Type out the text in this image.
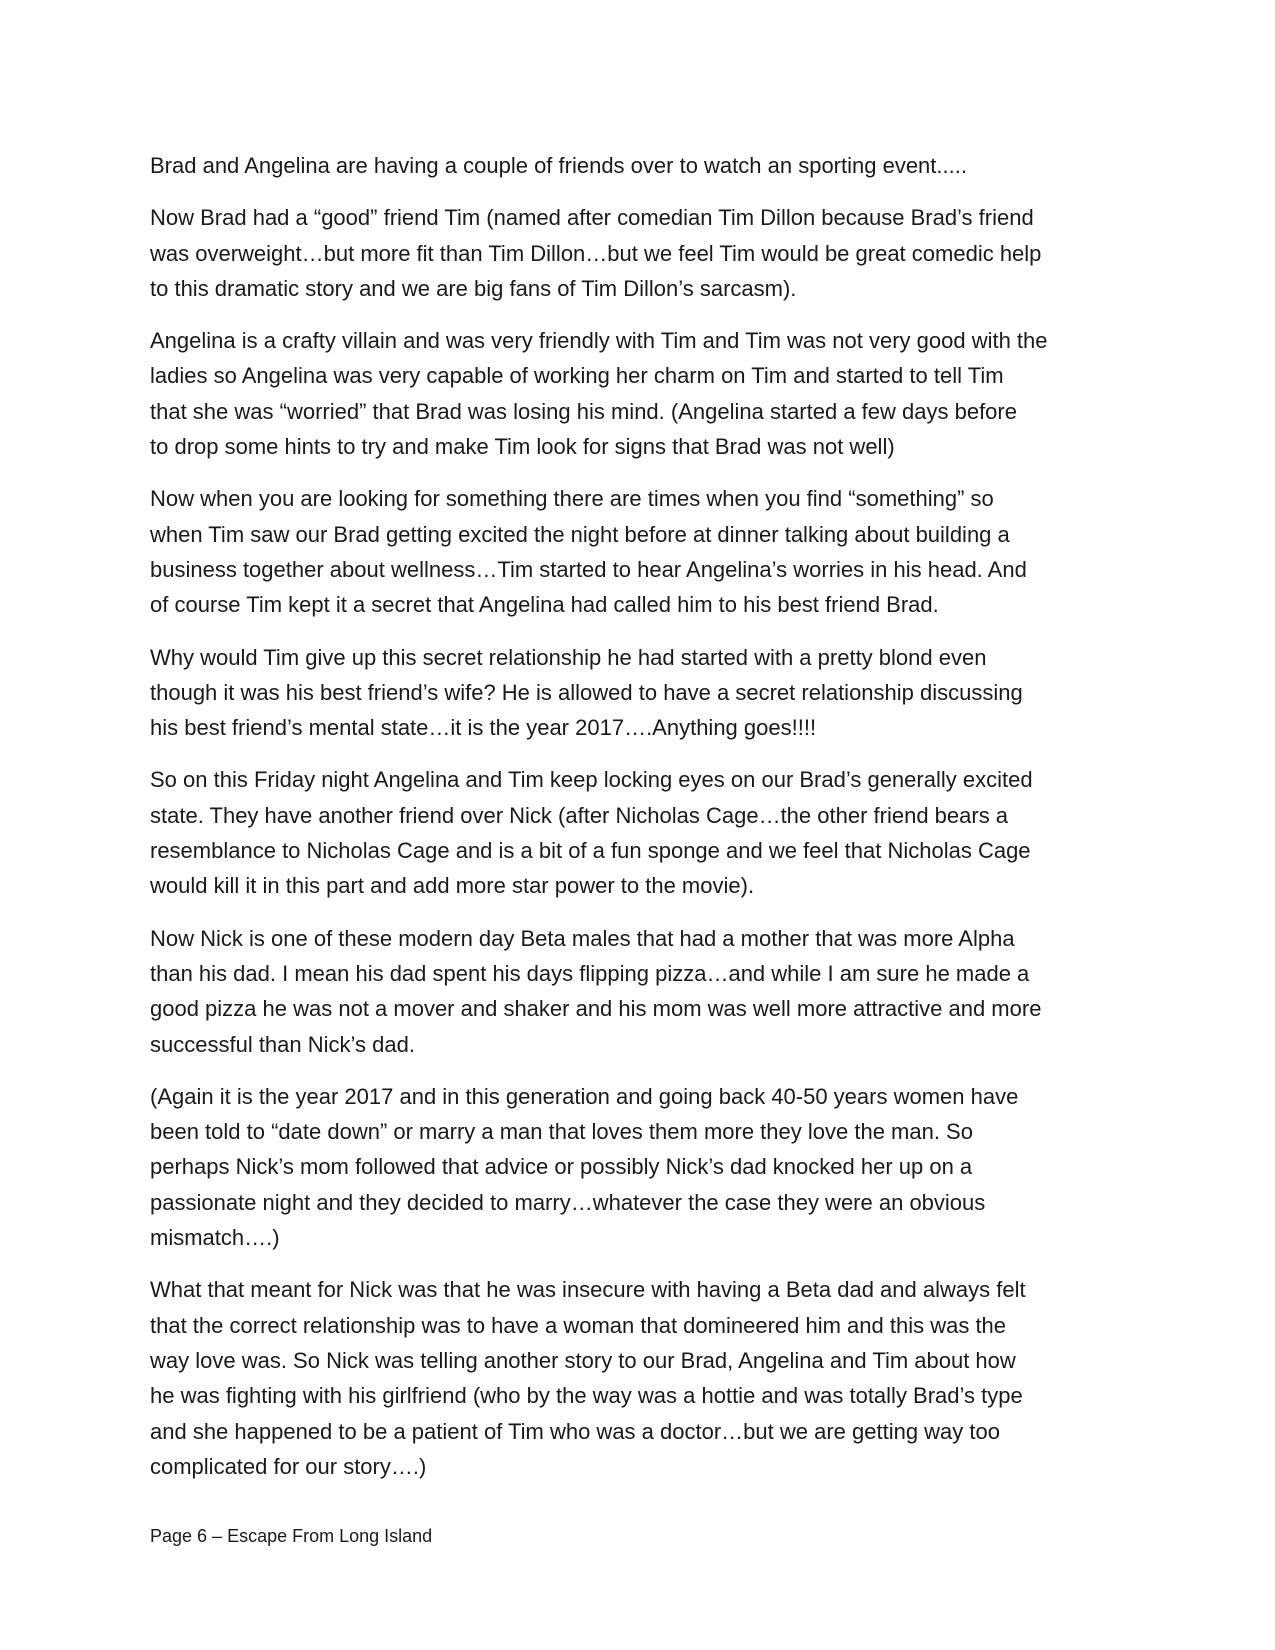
Brad and Angelina are having a couple of friends over to watch an sporting event.....

Now Brad had a “good” friend Tim (named after comedian Tim Dillon because Brad’s friend
was overweight…but more fit than Tim Dillon…but we feel Tim would be great comedic help
to this dramatic story and we are big fans of Tim Dillon’s sarcasm).

Angelina is a crafty villain and was very friendly with Tim and Tim was not very good with the
ladies so Angelina was very capable of working her charm on Tim and started to tell Tim
that she was “worried” that Brad was losing his mind. (Angelina started a few days before
to drop some hints to try and make Tim look for signs that Brad was not well)

Now when you are looking for something there are times when you find “something” so
when Tim saw our Brad getting excited the night before at dinner talking about building a
business together about wellness…Tim started to hear Angelina’s worries in his head. And
of course Tim kept it a secret that Angelina had called him to his best friend Brad.

Why would Tim give up this secret relationship he had started with a pretty blond even
though it was his best friend’s wife? He is allowed to have a secret relationship discussing
his best friend’s mental state…it is the year 2017….Anything goes!!!!

So on this Friday night Angelina and Tim keep locking eyes on our Brad’s generally excited
state. They have another friend over Nick (after Nicholas Cage…the other friend bears a
resemblance to Nicholas Cage and is a bit of a fun sponge and we feel that Nicholas Cage
would kill it in this part and add more star power to the movie).

Now Nick is one of these modern day Beta males that had a mother that was more Alpha
than his dad. I mean his dad spent his days flipping pizza…and while I am sure he made a
good pizza he was not a mover and shaker and his mom was well more attractive and more
successful than Nick’s dad.

(Again it is the year 2017 and in this generation and going back 40-50 years women have
been told to “date down” or marry a man that loves them more they love the man. So
perhaps Nick’s mom followed that advice or possibly Nick’s dad knocked her up on a
passionate night and they decided to marry…whatever the case they were an obvious
mismatch….)

What that meant for Nick was that he was insecure with having a Beta dad and always felt
that the correct relationship was to have a woman that domineered him and this was the
way love was. So Nick was telling another story to our Brad, Angelina and Tim about how
he was fighting with his girlfriend (who by the way was a hottie and was totally Brad’s type
and she happened to be a patient of Tim who was a doctor…but we are getting way too
complicated for our story….)

Page 6 – Escape From Long Island
